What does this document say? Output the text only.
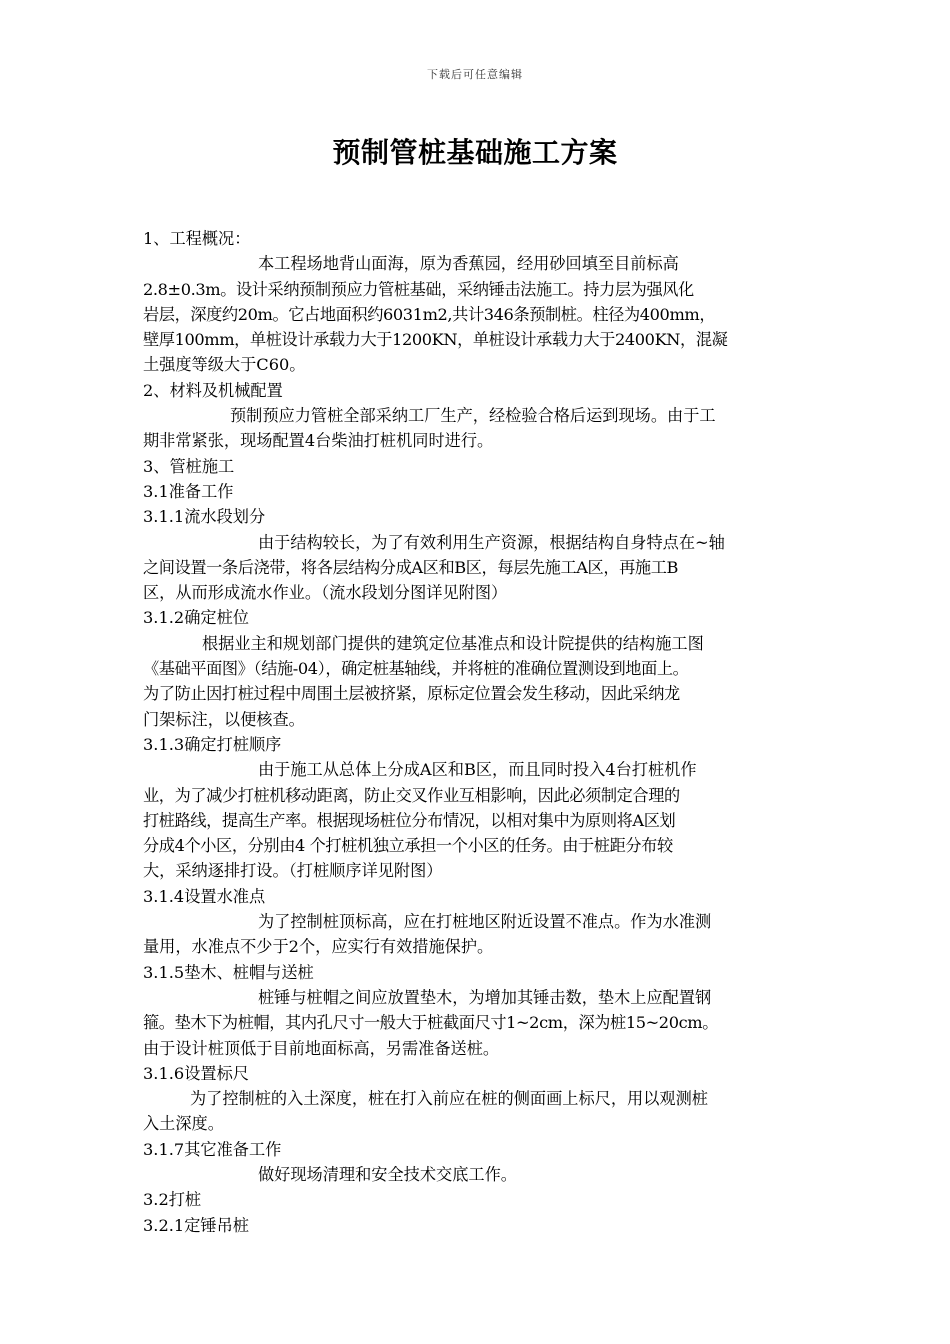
下载后可任意编辑
预制管桩基础施工方案
1、工程概况：
本工程场地背山面海，原为香蕉园，经用砂回填至目前标高
2.8±0.3m。设计采纳预制预应力管桩基础，采纳锤击法施工。持力层为强风化
岩层，深度约20m。它占地面积约6031m2,共计346条预制桩。柱径为400mm，
壁厚100mm，单桩设计承载力大于1200KN，单桩设计承载力大于2400KN，混凝
土强度等级大于C60。
2、材料及机械配置
预制预应力管桩全部采纳工厂生产，经检验合格后运到现场。由于工
期非常紧张，现场配置4台柴油打桩机同时进行。
3、管桩施工
3.1准备工作
3.1.1流水段划分
由于结构较长，为了有效利用生产资源，根据结构自身特点在~轴
之间设置一条后浇带，将各层结构分成A区和B区，每层先施工A区，再施工B
区，从而形成流水作业。（流水段划分图详见附图）
3.1.2确定桩位
根据业主和规划部门提供的建筑定位基准点和设计院提供的结构施工图
《基础平面图》（结施-04），确定桩基轴线，并将桩的准确位置测设到地面上。
为了防止因打桩过程中周围土层被挤紧，原标定位置会发生移动，因此采纳龙
门架标注，以便核查。
3.1.3确定打桩顺序
由于施工从总体上分成A区和B区，而且同时投入4台打桩机作
业，为了减少打桩机移动距离，防止交叉作业互相影响，因此必须制定合理的
打桩路线，提高生产率。根据现场桩位分布情况，以相对集中为原则将A区划
分成4个小区，分别由4 个打桩机独立承担一个小区的任务。由于桩距分布较
大，采纳逐排打设。（打桩顺序详见附图）
3.1.4设置水准点
为了控制桩顶标高，应在打桩地区附近设置不准点。作为水准测
量用，水准点不少于2个，应实行有效措施保护。
3.1.5垫木、桩帽与送桩
桩锤与桩帽之间应放置垫木，为增加其锤击数，垫木上应配置钢
箍。垫木下为桩帽，其内孔尺寸一般大于桩截面尺寸1~2cm，深为桩15~20cm。
由于设计桩顶低于目前地面标高，另需准备送桩。
3.1.6设置标尺
为了控制桩的入土深度，桩在打入前应在桩的侧面画上标尺，用以观测桩
入土深度。
3.1.7其它准备工作
做好现场清理和安全技术交底工作。
3.2打桩
3.2.1定锤吊桩
